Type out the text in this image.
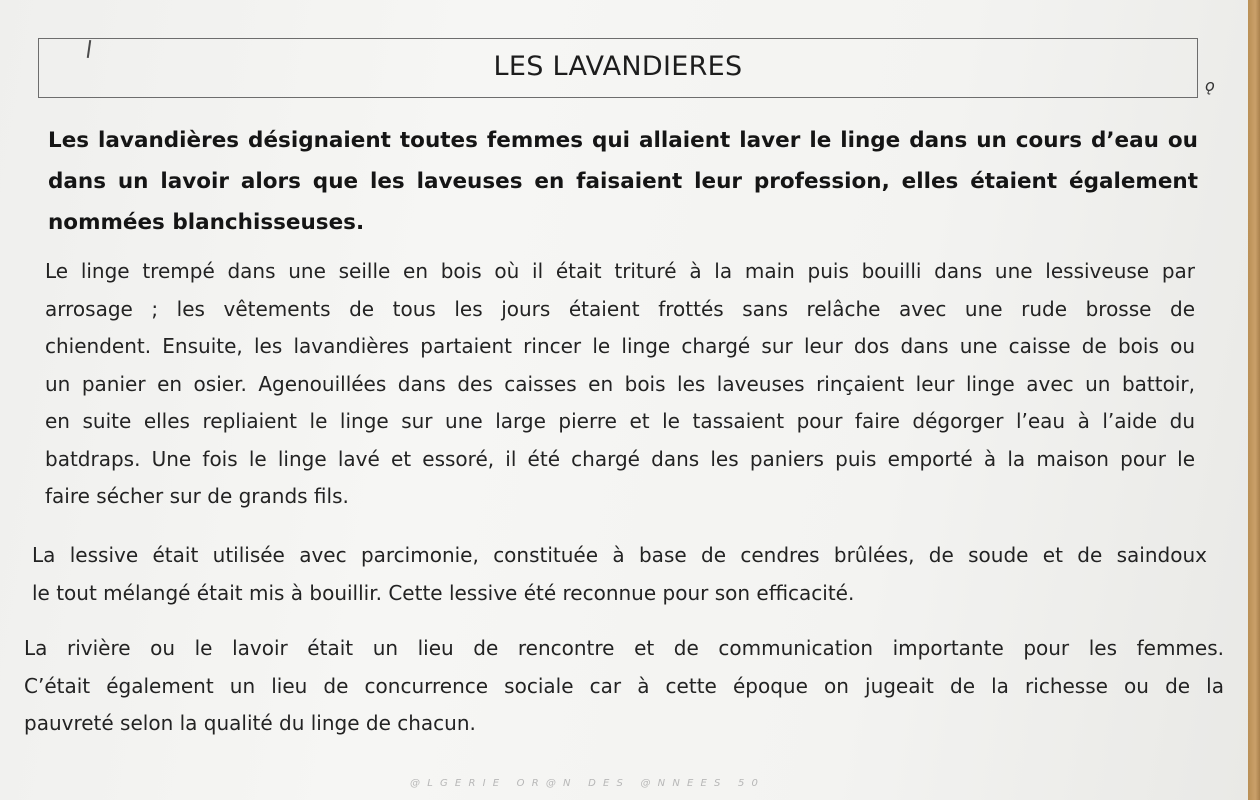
LES LAVANDIERES
ǫ
Les lavandières désignaient toutes femmes qui allaient laver le linge dans un cours d’eau ou
dans un lavoir alors que les laveuses en faisaient leur profession, elles étaient également
nommées blanchisseuses.
Le linge trempé dans une seille en bois où il était trituré à la main puis bouilli dans une lessiveuse par
arrosage ; les vêtements de tous les jours étaient frottés sans relâche avec une rude brosse de
chiendent. Ensuite, les lavandières partaient rincer le linge chargé sur leur dos dans une caisse de bois ou
un panier en osier. Agenouillées dans des caisses en bois les laveuses rinçaient leur linge avec un battoir,
en suite elles repliaient le linge sur une large pierre et le tassaient pour faire dégorger l’eau à l’aide du
batdraps. Une fois le linge lavé et essoré, il été chargé dans les paniers puis emporté à la maison pour le
faire sécher sur de grands fils.
La lessive était utilisée avec parcimonie, constituée à base de cendres brûlées, de soude et de saindoux
le tout mélangé était mis à bouillir. Cette lessive été reconnue pour son efficacité.
La rivière ou le lavoir était un lieu de rencontre et de communication importante pour les femmes.
C’était également un lieu de concurrence sociale car à cette époque on jugeait de la richesse ou de la
pauvreté selon la qualité du linge de chacun.
@LGERIE OR@N DES @NNEES 50
